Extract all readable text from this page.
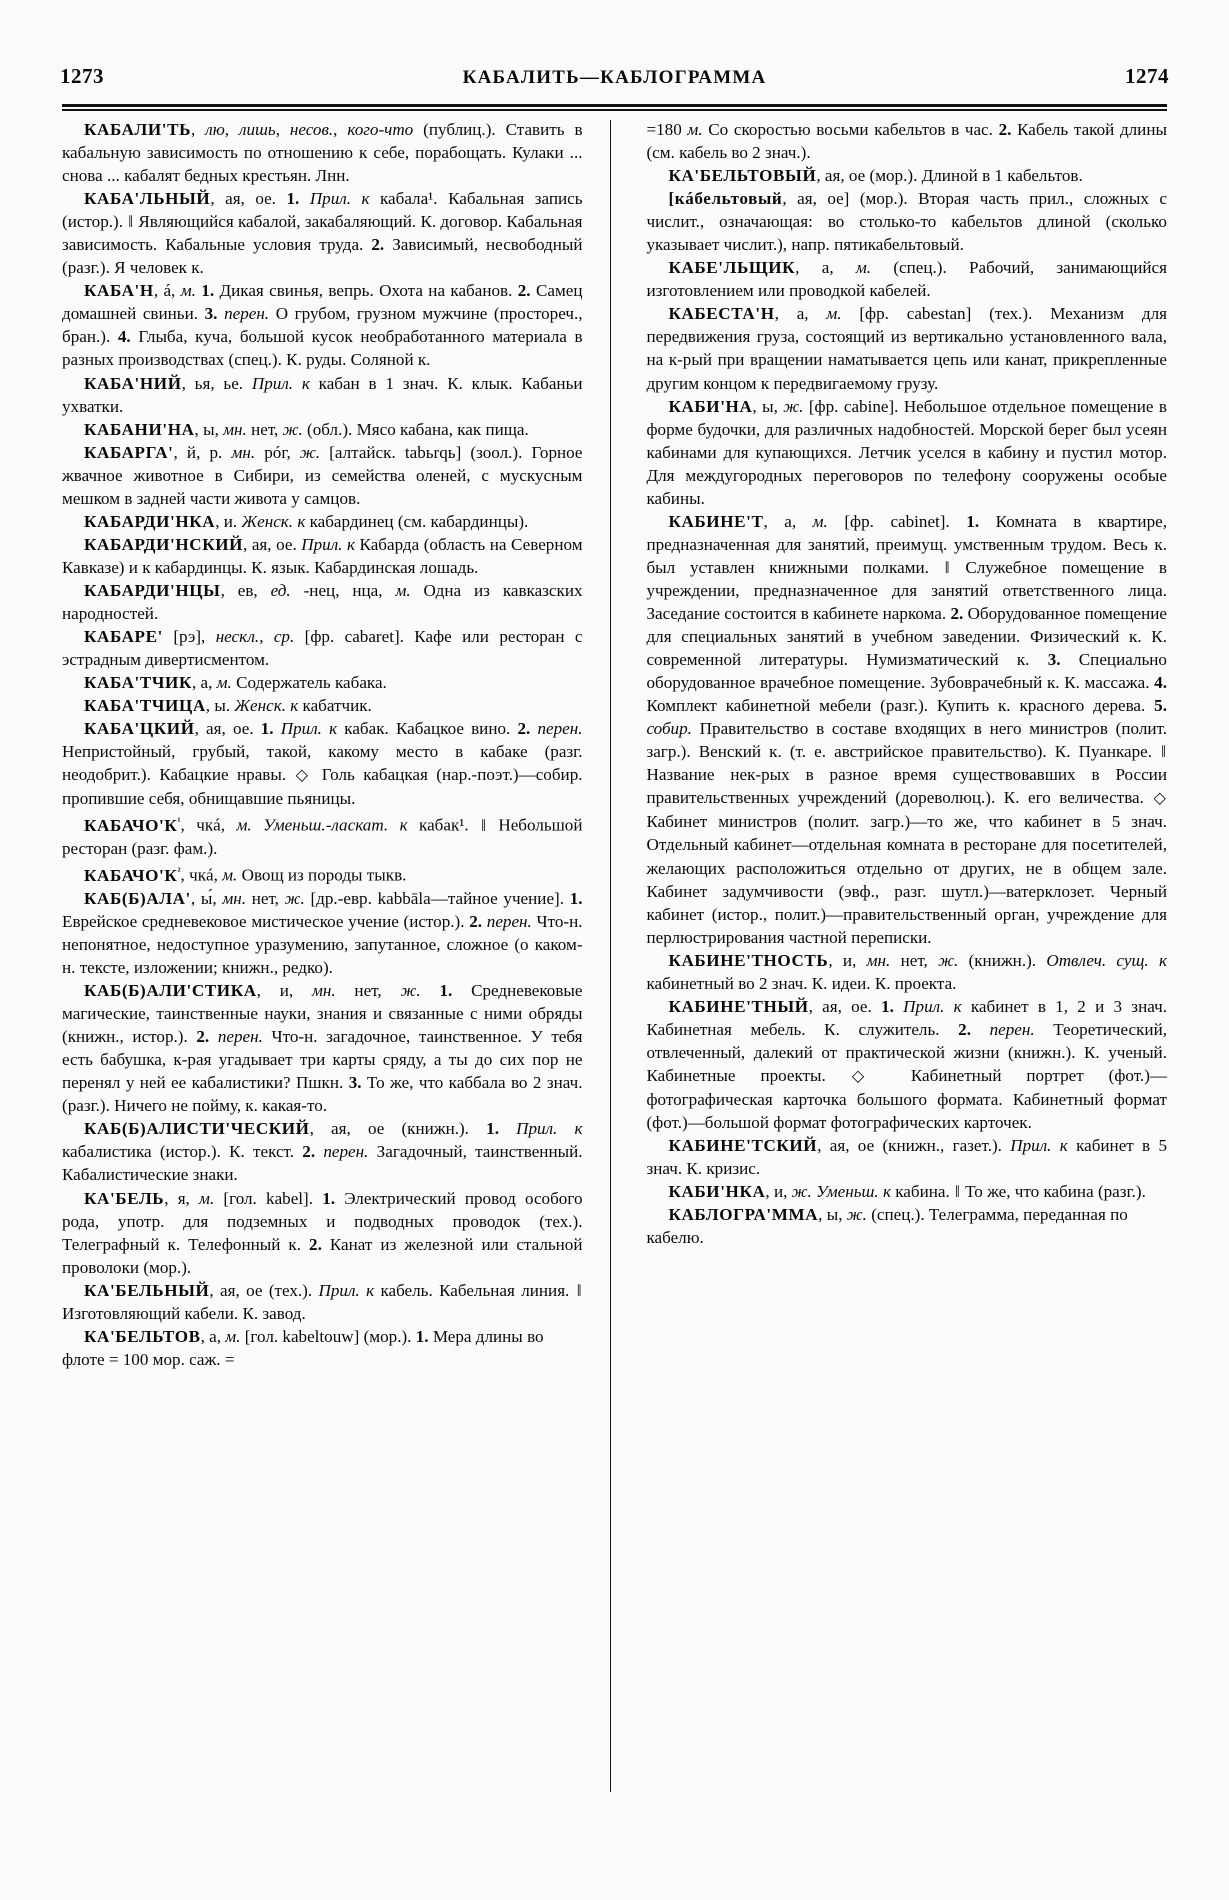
1273	КАБАЛИТЬ—КАБЛОГРАММА	1274

КАБАЛИ'ТЬ, лю, лишь, несов., кого-что (публиц.). Ставить в кабальную зависимость по отношению к себе, порабощать. Кулаки ... снова ... кабалят бедных крестьян. Лнн.

КАБА'ЛЬНЫЙ, ая, ое. 1. Прил. к кабала¹. Кабальная запись (истор.). ‖ Являющийся кабалой, закабаляющий. К. договор. Кабальная зависимость. Кабальные условия труда. 2. Зависимый, несвободный (разг.). Я человек к.

КАБА'Н, á, м. 1. Дикая свинья, вепрь. Охота на кабанов. 2. Самец домашней свиньи. 3. перен. О грубом, грузном мужчине (простореч., бран.). 4. Глыба, куча, большой кусок необработанного материала в разных производствах (спец.). К. руды. Соляной к.

КАБА'НИЙ, ья, ье. Прил. к кабан в 1 знач. К. клык. Кабаньи ухватки.

КАБАНИ'НА, ы, мн. нет, ж. (обл.). Мясо кабана, как пища.

КАБАРГА', й, р. мн. рóг, ж. [алтайск. tabьrqь] (зоол.). Горное жвачное животное в Сибири, из семейства оленей, с мускусным мешком в задней части живота у самцов.

КАБАРДИ'НКА, и. Женск. к кабардинец (см. кабардинцы).

КАБАРДИ'НСКИЙ, ая, ое. Прил. к Кабарда (область на Северном Кавказе) и к кабардинцы. К. язык. Кабардинская лошадь.

КАБАРДИ'НЦЫ, ев, ед. -нец, нца, м. Одна из кавказских народностей.

КАБАРЕ' [рэ], нескл., ср. [фр. cabaret]. Кафе или ресторан с эстрадным дивертисментом.

КАБА'ТЧИК, а, м. Содержатель кабака.

КАБА'ТЧИЦА, ы. Женск. к кабатчик.

КАБА'ЦКИЙ, ая, ое. 1. Прил. к кабак. Кабацкое вино. 2. перен. Непристойный, грубый, такой, какому место в кабаке (разг. неодобрит.). Кабацкие нравы. ◇ Голь кабацкая (нар.-поэт.)—собир. пропившие себя, обнищавшие пьяницы.

$КАБАЧО'К^{^1}$, чкá, м. Уменьш.-ласкат. к кабак¹. ‖ Небольшой ресторан (разг. фам.).

$КАБАЧО'К^{^2}$, чкá, м. Овощ из породы тыкв.

КАБ(Б)АЛА', ы́, мн. нет, ж. [др.-евр. kabbāla—тайное учение]. 1. Еврейское средневековое мистическое учение (истор.). 2. перен. Что-н. непонятное, недоступное уразумению, запутанное, сложное (о каком-н. тексте, изложении; книжн., редко).

КАБ(Б)АЛИ'СТИКА, и, мн. нет, ж. 1. Средневековые магические, таинственные науки, знания и связанные с ними обряды (книжн., истор.). 2. перен. Что-н. загадочное, таинственное. У тебя есть бабушка, к-рая угадывает три карты сряду, а ты до сих пор не перенял у ней ее кабалистики? Пшкн. 3. То же, что каббала во 2 знач. (разг.). Ничего не пойму, к. какая-то.

КАБ(Б)АЛИСТИ'ЧЕСКИЙ, ая, ое (книжн.). 1. Прил. к кабалистика (истор.). К. текст. 2. перен. Загадочный, таинственный. Кабалистические знаки.

КА'БЕЛЬ, я, м. [гол. kabel]. 1. Электрический провод особого рода, употр. для подземных и подводных проводок (тех.). Телеграфный к. Телефонный к. 2. Канат из железной или стальной проволоки (мор.).

КА'БЕЛЬНЫЙ, ая, ое (тех.). Прил. к кабель. Кабельная линия. ‖ Изготовляющий кабели. К. завод.

КА'БЕЛЬТОВ, а, м. [гол. kabeltouw] (мор.). 1. Мера длины во флоте = 100 мор. саж. =

=180 м. Со скоростью восьми кабельтов в час. 2. Кабель такой длины (см. кабель во 2 знач.).

КА'БЕЛЬТОВЫЙ, ая, ое (мор.). Длиной в 1 кабельтов.

[кáбельтовый, ая, ое] (мор.). Вторая часть прил., сложных с числит., означающая: во столько-то кабельтов длиной (сколько указывает числит.), напр. пятикабельтовый.

КАБЕ'ЛЬЩИК, а, м. (спец.). Рабочий, занимающийся изготовлением или проводкой кабелей.

КАБЕСТА'Н, а, м. [фр. cabestan] (тех.). Механизм для передвижения груза, состоящий из вертикально установленного вала, на к-рый при вращении наматывается цепь или канат, прикрепленные другим концом к передвигаемому грузу.

КАБИ'НА, ы, ж. [фр. cabine]. Небольшое отдельное помещение в форме будочки, для различных надобностей. Морской берег был усеян кабинами для купающихся. Летчик уселся в кабину и пустил мотор. Для междугородных переговоров по телефону сооружены особые кабины.

КАБИНЕ'Т, а, м. [фр. cabinet]. 1. Комната в квартире, предназначенная для занятий, преимущ. умственным трудом. Весь к. был уставлен книжными полками. ‖ Служебное помещение в учреждении, предназначенное для занятий ответственного лица. Заседание состоится в кабинете наркома. 2. Оборудованное помещение для специальных занятий в учебном заведении. Физический к. К. современной литературы. Нумизматический к. 3. Специально оборудованное врачебное помещение. Зубоврачебный к. К. массажа. 4. Комплект кабинетной мебели (разг.). Купить к. красного дерева. 5. собир. Правительство в составе входящих в него министров (полит. загр.). Венский к. (т. е. австрийское правительство). К. Пуанкаре. ‖ Название нек-рых в разное время существовавших в России правительственных учреждений (дореволюц.). К. его величества. ◇ Кабинет министров (полит. загр.)—то же, что кабинет в 5 знач. Отдельный кабинет—отдельная комната в ресторане для посетителей, желающих расположиться отдельно от других, не в общем зале. Кабинет задумчивости (эвф., разг. шутл.)—ватерклозет. Черный кабинет (истор., полит.)—правительственный орган, учреждение для перлюстрирования частной переписки.

КАБИНЕ'ТНОСТЬ, и, мн. нет, ж. (книжн.). Отвлеч. сущ. к кабинетный во 2 знач. К. идеи. К. проекта.

КАБИНЕ'ТНЫЙ, ая, ое. 1. Прил. к кабинет в 1, 2 и 3 знач. Кабинетная мебель. К. служитель. 2. перен. Теоретический, отвлеченный, далекий от практической жизни (книжн.). К. ученый. Кабинетные проекты. ◇ Кабинетный портрет (фот.)—фотографическая карточка большого формата. Кабинетный формат (фот.)—большой формат фотографических карточек.

КАБИНЕ'ТСКИЙ, ая, ое (книжн., газет.). Прил. к кабинет в 5 знач. К. кризис.

КАБИ'НКА, и, ж. Уменьш. к кабина. ‖ То же, что кабина (разг.).

КАБЛОГРА'ММА, ы, ж. (спец.). Телеграмма, переданная по кабелю.
